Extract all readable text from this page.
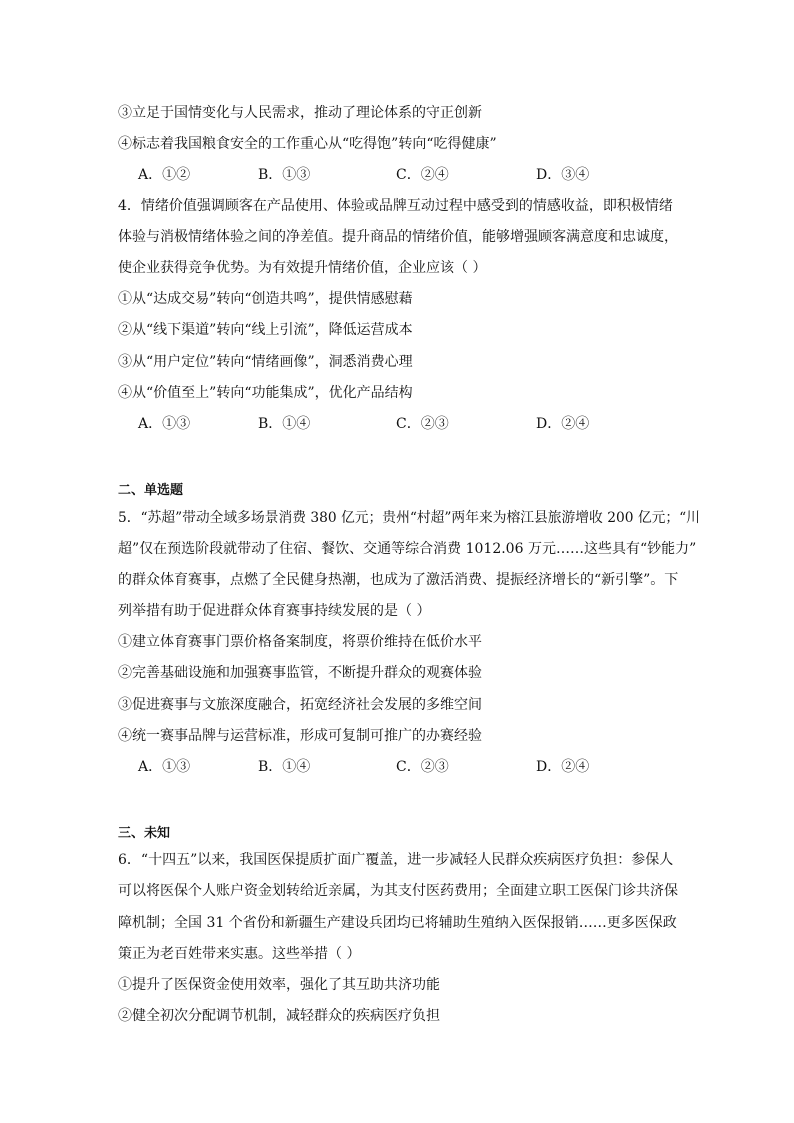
③立足于国情变化与人民需求，推动了理论体系的守正创新
④标志着我国粮食安全的工作重心从“吃得饱”转向“吃得健康”
A．①②	B．①③	C．②④	D．③④
4．情绪价值强调顾客在产品使用、体验或品牌互动过程中感受到的情感收益，即积极情绪
体验与消极情绪体验之间的净差值。提升商品的情绪价值，能够增强顾客满意度和忠诚度，
使企业获得竞争优势。为有效提升情绪价值，企业应该（ ）
①从“达成交易”转向“创造共鸣”，提供情感慰藉
②从“线下渠道”转向“线上引流”，降低运营成本
③从“用户定位”转向“情绪画像”，洞悉消费心理
④从“价值至上”转向“功能集成”，优化产品结构
A．①③	B．①④	C．②③	D．②④
二、单选题
5．“苏超”带动全域多场景消费 380 亿元；贵州“村超”两年来为榕江县旅游增收 200 亿元；“川
超”仅在预选阶段就带动了住宿、餐饮、交通等综合消费 1012.06 万元……这些具有“钞能力”
的群众体育赛事，点燃了全民健身热潮，也成为了激活消费、提振经济增长的“新引擎”。下
列举措有助于促进群众体育赛事持续发展的是（ ）
①建立体育赛事门票价格备案制度，将票价维持在低价水平
②完善基础设施和加强赛事监管，不断提升群众的观赛体验
③促进赛事与文旅深度融合，拓宽经济社会发展的多维空间
④统一赛事品牌与运营标准，形成可复制可推广的办赛经验
A．①③	B．①④	C．②③	D．②④
三、未知
6．“十四五”以来，我国医保提质扩面广覆盖，进一步减轻人民群众疾病医疗负担：参保人
可以将医保个人账户资金划转给近亲属，为其支付医药费用；全面建立职工医保门诊共济保
障机制；全国 31 个省份和新疆生产建设兵团均已将辅助生殖纳入医保报销……更多医保政
策正为老百姓带来实惠。这些举措（ ）
①提升了医保资金使用效率，强化了其互助共济功能
②健全初次分配调节机制，减轻群众的疾病医疗负担
